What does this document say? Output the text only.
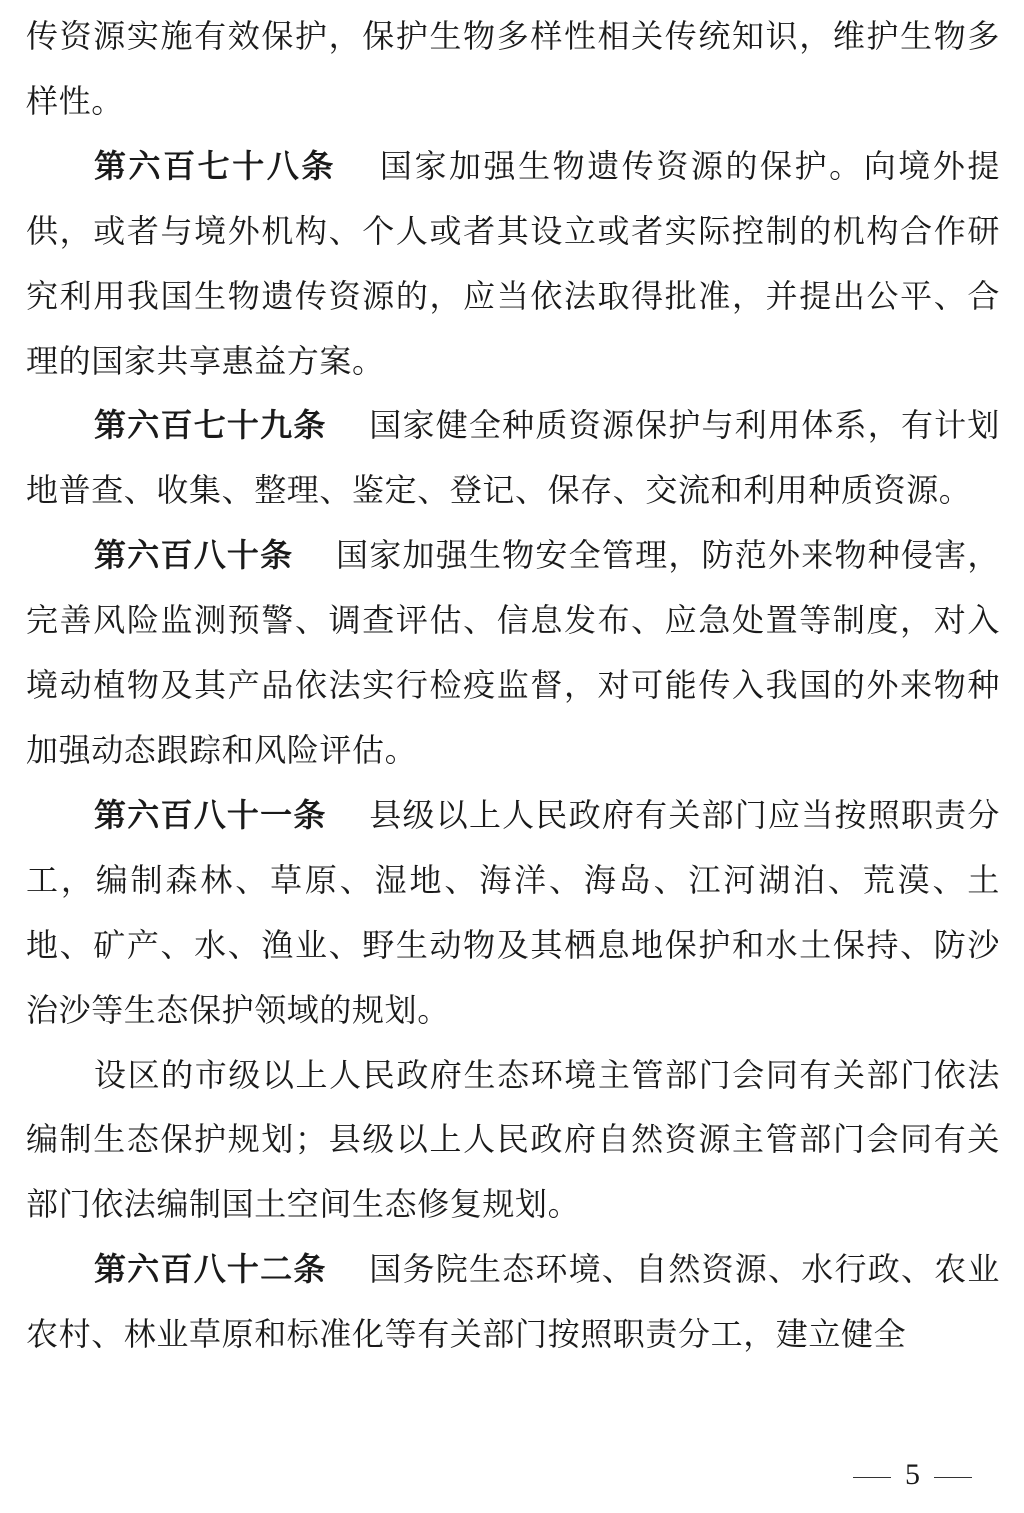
传资源实施有效保护，保护生物多样性相关传统知识，维护生物多样性。

第六百七十八条 国家加强生物遗传资源的保护。向境外提供，或者与境外机构、个人或者其设立或者实际控制的机构合作研究利用我国生物遗传资源的，应当依法取得批准，并提出公平、合理的国家共享惠益方案。

第六百七十九条 国家健全种质资源保护与利用体系，有计划地普查、收集、整理、鉴定、登记、保存、交流和利用种质资源。

第六百八十条 国家加强生物安全管理，防范外来物种侵害，完善风险监测预警、调查评估、信息发布、应急处置等制度，对入境动植物及其产品依法实行检疫监督，对可能传入我国的外来物种加强动态跟踪和风险评估。

第六百八十一条 县级以上人民政府有关部门应当按照职责分工，编制森林、草原、湿地、海洋、海岛、江河湖泊、荒漠、土地、矿产、水、渔业、野生动物及其栖息地保护和水土保持、防沙治沙等生态保护领域的规划。

设区的市级以上人民政府生态环境主管部门会同有关部门依法编制生态保护规划；县级以上人民政府自然资源主管部门会同有关部门依法编制国土空间生态修复规划。

第六百八十二条 国务院生态环境、自然资源、水行政、农业农村、林业草原和标准化等有关部门按照职责分工，建立健全

5
